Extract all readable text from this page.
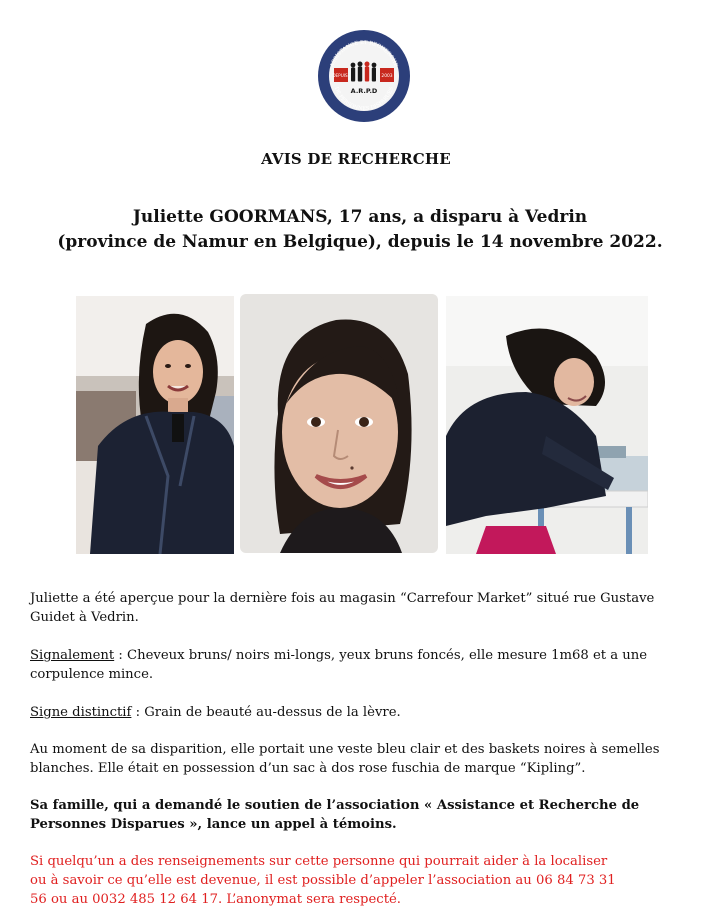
ASSISTANCE ET RECHERCHE
DE PERSONNES DISPARUES
DEPUIS	2003
A.R.P.D
AVIS DE RECHERCHE
Juliette GOORMANS, 17 ans, a disparu à Vedrin
(province de Namur en Belgique), depuis le 14 novembre 2022.
Juliette a été aperçue pour la dernière fois au magasin “Carrefour Market” situé rue Gustave
Guidet à Vedrin.
Signalement : Cheveux bruns/ noirs mi-longs, yeux bruns foncés, elle mesure 1m68 et a une
corpulence mince.
Signe distinctif : Grain de beauté au-dessus de la lèvre.
Au moment de sa disparition, elle portait une veste bleu clair et des baskets noires à semelles
blanches. Elle était en possession d’un sac à dos rose fuschia de marque “Kipling”.
Sa famille, qui a demandé le soutien de l’association « Assistance et Recherche de
Personnes Disparues », lance un appel à témoins.
Si quelqu’un a des renseignements sur cette personne qui pourrait aider à la localiser
ou à savoir ce qu’elle est devenue, il est possible d’appeler l’association au 06 84 73 31
56 ou au 0032 485 12 64 17. L’anonymat sera respecté.
